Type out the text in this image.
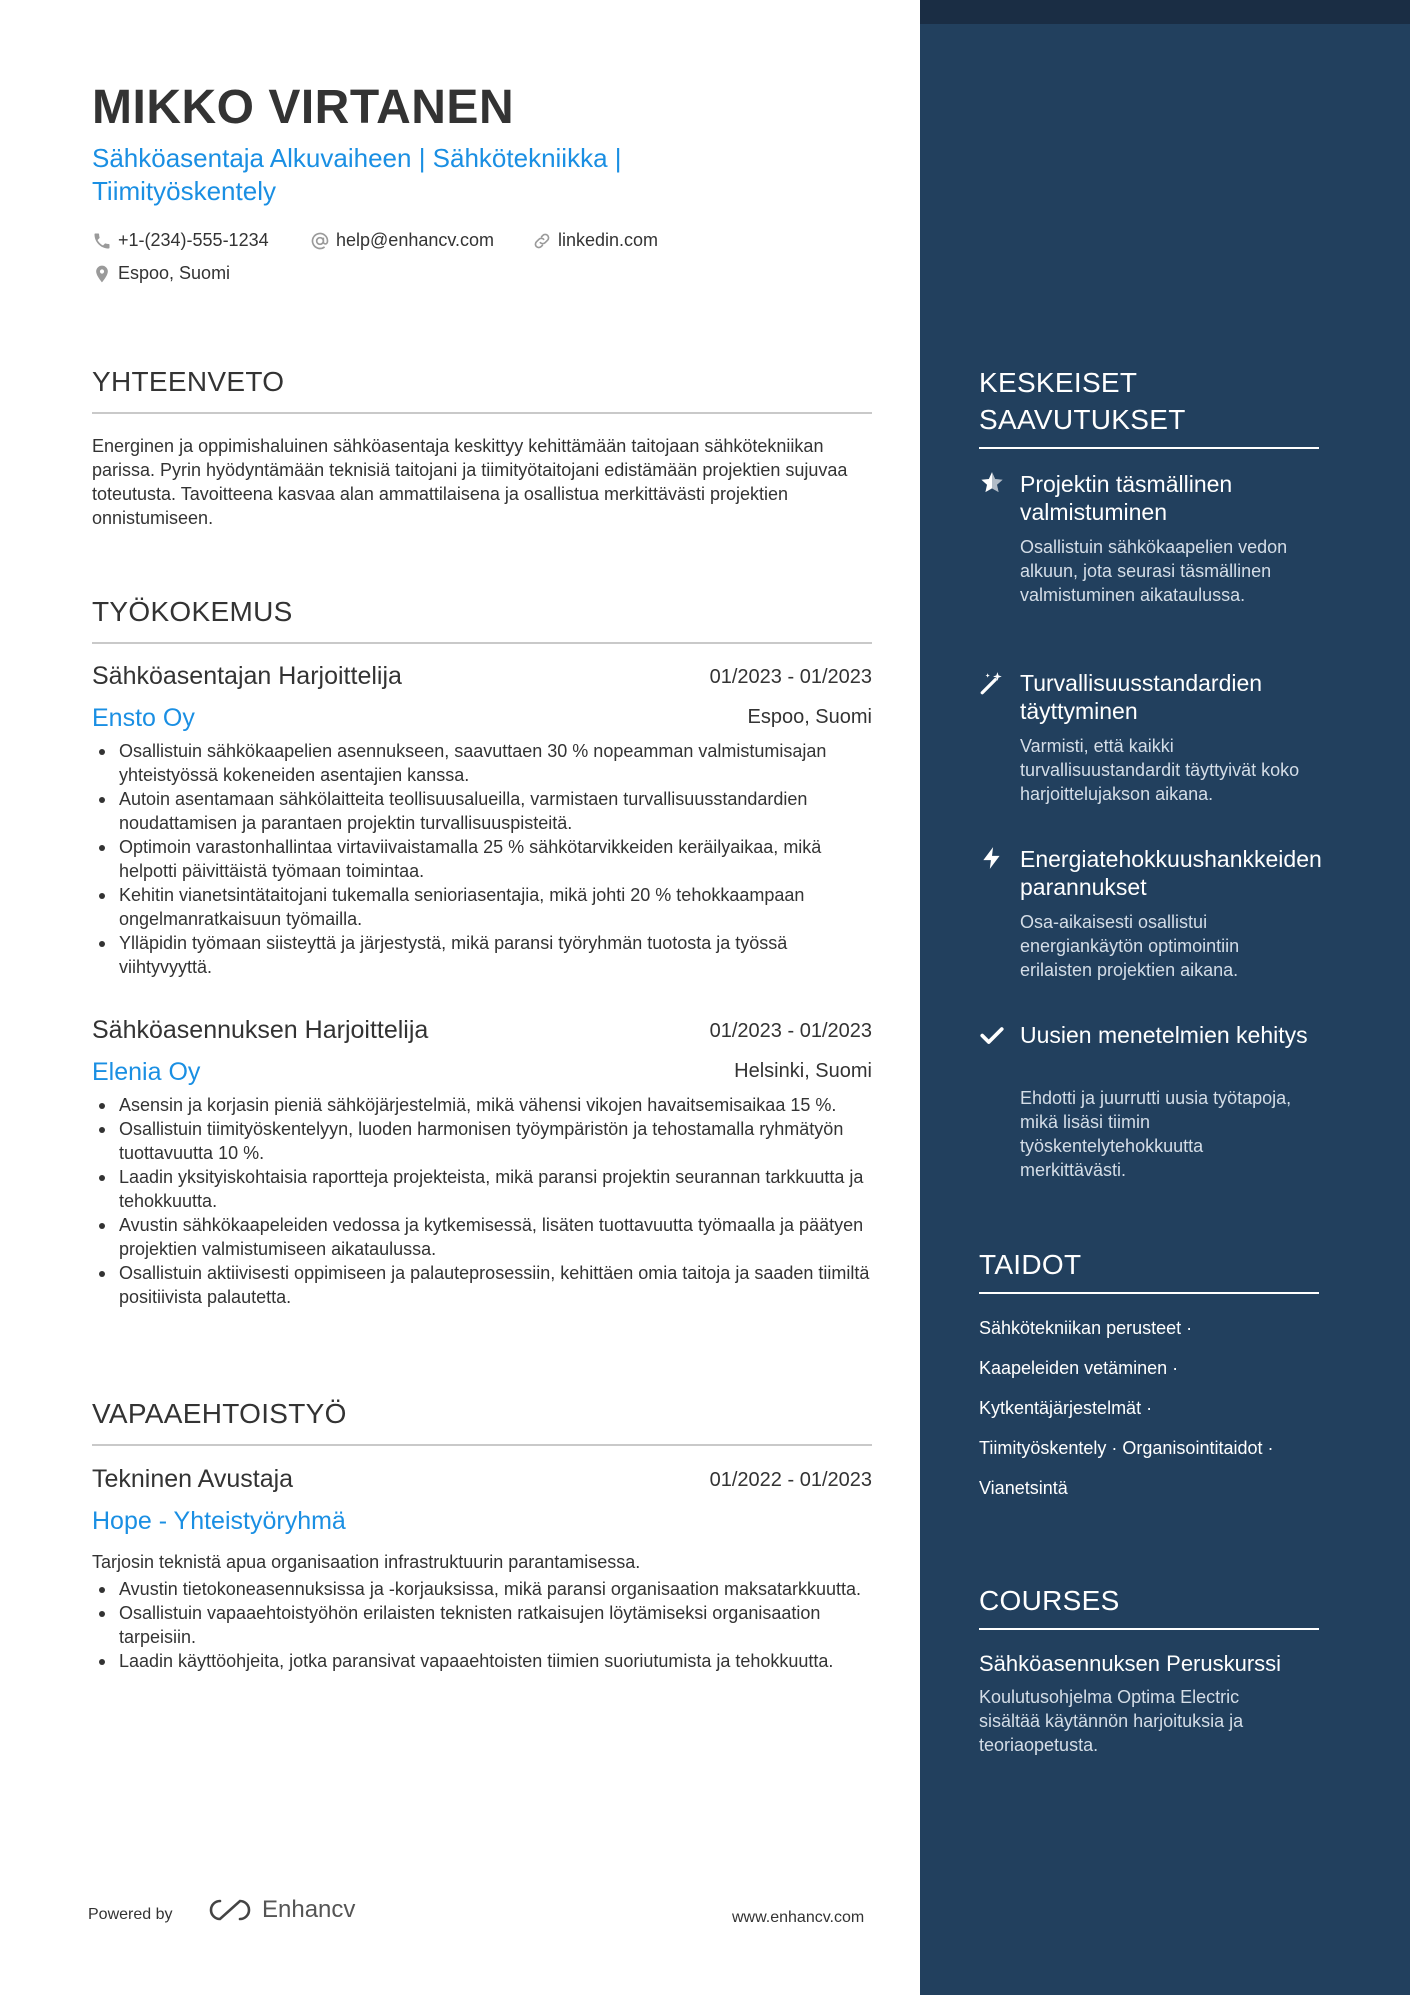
MIKKO VIRTANEN
Sähköasentaja Alkuvaiheen | Sähkötekniikka | Tiimityöskentely
+1-(234)-555-1234	help@enhancv.com	linkedin.com
Espoo, Suomi
YHTEENVETO
Energinen ja oppimishaluinen sähköasentaja keskittyy kehittämään taitojaan sähkötekniikan parissa. Pyrin hyödyntämään teknisiä taitojani ja tiimityötaitojani edistämään projektien sujuvaa toteutusta. Tavoitteena kasvaa alan ammattilaisena ja osallistua merkittävästi projektien onnistumiseen.
TYÖKOKEMUS
Sähköasentajan Harjoittelija	01/2023 - 01/2023
Ensto Oy	Espoo, Suomi
Osallistuin sähkökaapelien asennukseen, saavuttaen 30 % nopeamman valmistumisajan yhteistyössä kokeneiden asentajien kanssa.
Autoin asentamaan sähkölaitteita teollisuusalueilla, varmistaen turvallisuusstandardien noudattamisen ja parantaen projektin turvallisuuspisteitä.
Optimoin varastonhallintaa virtaviivaistamalla 25 % sähkötarvikkeiden keräilyaikaa, mikä helpotti päivittäistä työmaan toimintaa.
Kehitin vianetsintätaitojani tukemalla senioriasentajia, mikä johti 20 % tehokkaampaan ongelmanratkaisuun työmailla.
Ylläpidin työmaan siisteyttä ja järjestystä, mikä paransi työryhmän tuotosta ja työssä viihtyvyyttä.
Sähköasennuksen Harjoittelija	01/2023 - 01/2023
Elenia Oy	Helsinki, Suomi
Asensin ja korjasin pieniä sähköjärjestelmiä, mikä vähensi vikojen havaitsemisaikaa 15 %.
Osallistuin tiimityöskentelyyn, luoden harmonisen työympäristön ja tehostamalla ryhmätyön tuottavuutta 10 %.
Laadin yksityiskohtaisia raportteja projekteista, mikä paransi projektin seurannan tarkkuutta ja tehokkuutta.
Avustin sähkökaapeleiden vedossa ja kytkemisessä, lisäten tuottavuutta työmaalla ja päätyen projektien valmistumiseen aikataulussa.
Osallistuin aktiivisesti oppimiseen ja palauteprosessiin, kehittäen omia taitoja ja saaden tiimiltä positiivista palautetta.
VAPAAEHTOISTYÖ
Tekninen Avustaja	01/2022 - 01/2023
Hope - Yhteistyöryhmä
Tarjosin teknistä apua organisaation infrastruktuurin parantamisessa.
Avustin tietokoneasennuksissa ja -korjauksissa, mikä paransi organisaation maksatarkkuutta.
Osallistuin vapaaehtoistyöhön erilaisten teknisten ratkaisujen löytämiseksi organisaation tarpeisiin.
Laadin käyttöohjeita, jotka paransivat vapaaehtoisten tiimien suoriutumista ja tehokkuutta.
Powered by	Enhancv	www.enhancv.com
KESKEISET SAAVUTUKSET
Projektin täsmällinen valmistuminen
Osallistuin sähkökaapelien vedon alkuun, jota seurasi täsmällinen valmistuminen aikataulussa.
Turvallisuusstandardien täyttyminen
Varmisti, että kaikki turvallisuustandardit täyttyivät koko harjoittelujakson aikana.
Energiatehokkuushankkeiden parannukset
Osa-aikaisesti osallistui energiankäytön optimointiin erilaisten projektien aikana.
Uusien menetelmien kehitys
Ehdotti ja juurrutti uusia työtapoja, mikä lisäsi tiimin työskentelytehokkuutta merkittävästi.
TAIDOT
Sähkötekniikan perusteet ·
Kaapeleiden vetäminen ·
Kytkentäjärjestelmät ·
Tiimityöskentely · Organisointitaidot ·
Vianetsintä
COURSES
Sähköasennuksen Peruskurssi
Koulutusohjelma Optima Electric sisältää käytännön harjoituksia ja teoriaopetusta.
